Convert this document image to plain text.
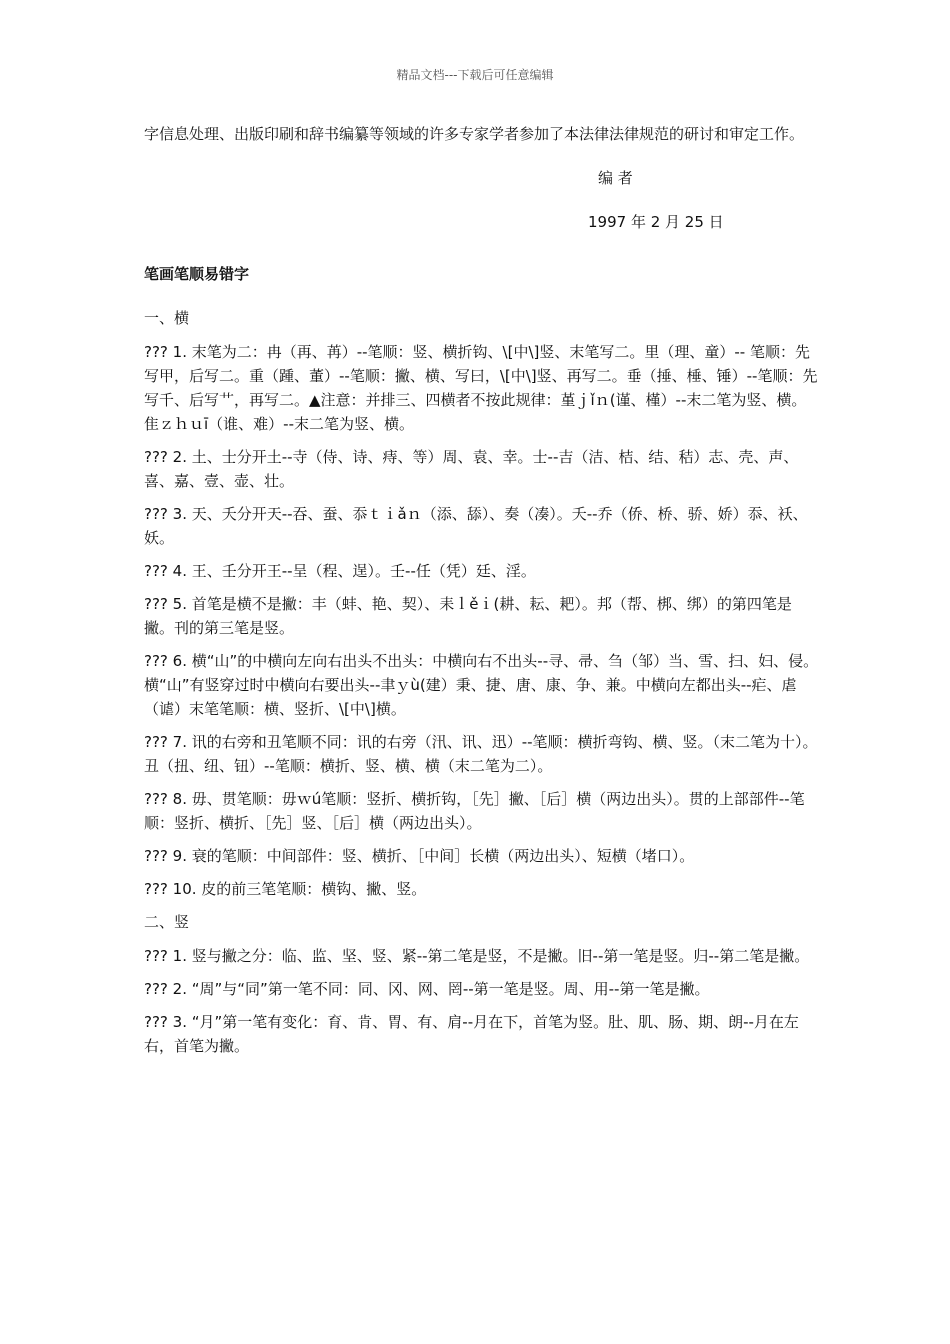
精品文档---下载后可任意编辑

字信息处理、出版印刷和辞书编纂等领域的许多专家学者参加了本法律法律规范的研讨和审定工作。

编 者

1997 年 2 月 25 日

笔画笔顺易错字

一、横

??? 1. 末笔为二：冉（再、苒）--笔顺：竖、横折钩、\[中\]竖、末笔写二。里（理、童）-- 笔顺：先写甲，后写二。重（踵、董）--笔顺：撇、横、写曰，\[中\]竖、再写二。垂（捶、棰、锤）--笔顺：先写千、后写艹，再写二。▲注意：并排三、四横者不按此规律：堇ｊǐｎ(谨、槿）--末二笔为竖、横。隹ｚｈｕī（谁、难）--末二笔为竖、横。

??? 2. 土、士分开土--寺（侍、诗、痔、等）周、袁、幸。士--吉（洁、桔、结、秸）志、壳、声、喜、嘉、壹、壶、壮。

??? 3. 天、夭分开天--吞、蚕、忝ｔｉǎｎ（添、舔）、奏（凑）。夭--乔（侨、桥、骄、娇）忝、袄、妖。

??? 4. 王、壬分开王--呈（程、逞）。壬--任（凭）廷、淫。

??? 5. 首笔是横不是撇：丰（蚌、艳、契）、耒ｌěｉ(耕、耘、耙）。邦（帮、梆、绑）的第四笔是撇。刊的第三笔是竖。

??? 6. 横“山”的中横向左向右出头不出头：中横向右不出头--寻、帚、刍（邹）当、雪、扫、妇、侵。横“山”有竖穿过时中横向右要出头--聿ｙù(建）秉、捷、唐、康、争、兼。中横向左都出头--疟、虐（谑）末笔笔顺：横、竖折、\[中\]横。

??? 7. 讯的右旁和丑笔顺不同：讯的右旁（汛、讯、迅）--笔顺：横折弯钩、横、竖。（末二笔为十）。丑（扭、纽、钮）--笔顺：横折、竖、横、横（末二笔为二）。

??? 8. 毋、贯笔顺：毋ｗú笔顺：竖折、横折钩，［先］撇、［后］横（两边出头）。贯的上部部件--笔顺：竖折、横折、［先］竖、［后］横（两边出头）。

??? 9. 衰的笔顺：中间部件：竖、横折、［中间］长横（两边出头）、短横（堵口）。

??? 10. 皮的前三笔笔顺：横钩、撇、竖。

二、竖

??? 1. 竖与撇之分：临、监、坚、竖、紧--第二笔是竖，不是撇。旧--第一笔是竖。归--第二笔是撇。

??? 2. “周”与“同”第一笔不同：同、冈、网、罔--第一笔是竖。周、用--第一笔是撇。

??? 3. “月”第一笔有变化：育、肯、胃、有、肩--月在下，首笔为竖。肚、肌、肠、期、朗--月在左右，首笔为撇。
